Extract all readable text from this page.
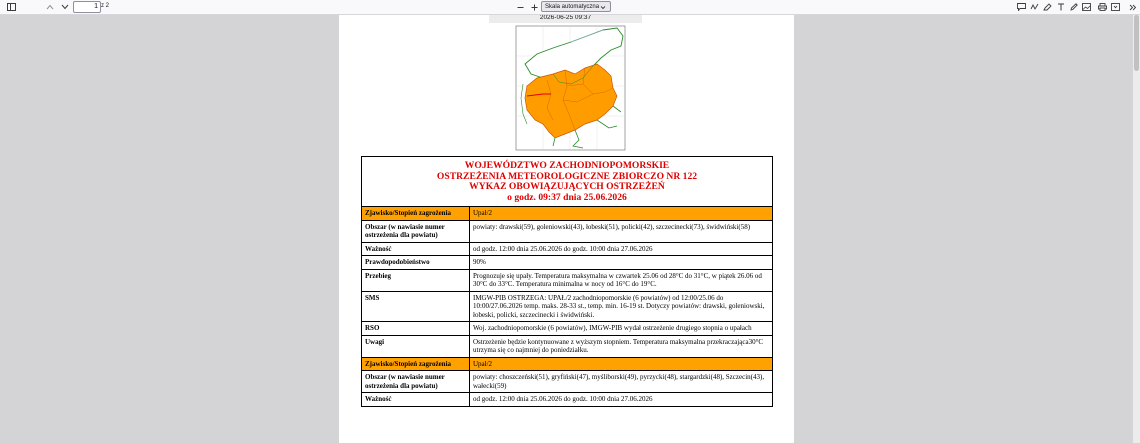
1 z 2	Skala automatyczna
2026-06-25 09:37
WOJEWÓDZTWO ZACHODNIOPOMORSKIE
OSTRZEŻENIA METEOROLOGICZNE ZBIORCZO NR 122
WYKAZ OBOWIĄZUJĄCYCH OSTRZEŻEŃ
o godz. 09:37 dnia 25.06.2026	

Zjawisko/Stopień zagrożenia	Upał/2
Obszar (w nawiasie numer ostrzeżenia dla powiatu)	powiaty: drawski(59), goleniowski(43), łobeski(51), policki(42), szczecinecki(73), świdwiński(58)
Ważność	od godz. 12:00 dnia 25.06.2026 do godz. 10:00 dnia 27.06.2026
Prawdopodobieństwo	90%
Przebieg	Prognozuje się upały. Temperatura maksymalna w czwartek 25.06 od 28°C do 31°C, w piątek 26.06 od 30°C do 33°C. Temperatura minimalna w nocy od 16°C do 19°C.
SMS	IMGW-PIB OSTRZEGA: UPAŁ/2 zachodniopomorskie (6 powiatów) od 12:00/25.06 do 10:00/27.06.2026 temp. maks. 28-33 st., temp. min. 16-19 st. Dotyczy powiatów: drawski, goleniowski, łobeski, policki, szczecinecki i świdwiński.
RSO	Woj. zachodniopomorskie (6 powiatów), IMGW-PIB wydał ostrzeżenie drugiego stopnia o upałach
Uwagi	Ostrzeżenie będzie kontynuowane z wyższym stopniem. Temperatura maksymalna przekraczająca30°C utrzyma się co najmniej do poniedziałku.
Zjawisko/Stopień zagrożenia	Upał/2
Obszar (w nawiasie numer ostrzeżenia dla powiatu)	powiaty: choszczeński(51), gryfiński(47), myśliborski(49), pyrzycki(48), stargardzki(48), Szczecin(43), wałecki(59)
Ważność	od godz. 12:00 dnia 25.06.2026 do godz. 10:00 dnia 27.06.2026
